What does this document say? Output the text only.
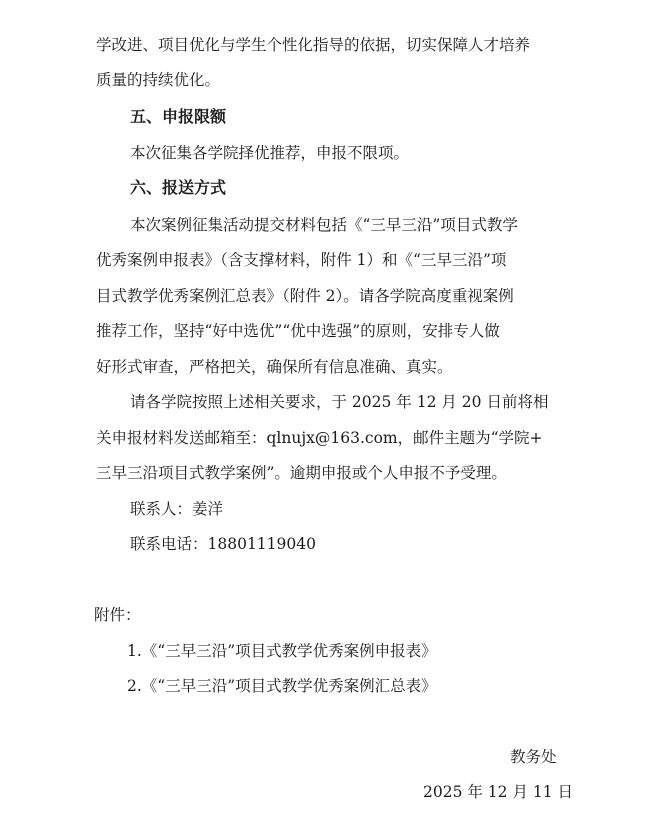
学改进、项目优化与学生个性化指导的依据，切实保障人才培养
质量的持续优化。
五、申报限额
本次征集各学院择优推荐，申报不限项。
六、报送方式
本次案例征集活动提交材料包括《“三早三沿”项目式教学
优秀案例申报表》（含支撑材料，附件 1）和《“三早三沿”项
目式教学优秀案例汇总表》（附件 2）。请各学院高度重视案例
推荐工作，坚持“好中选优”“优中选强”的原则，安排专人做
好形式审查，严格把关，确保所有信息准确、真实。
请各学院按照上述相关要求，于 2025 年 12 月 20 日前将相
关申报材料发送邮箱至：qlnujx@163.com，邮件主题为“学院+
三早三沿项目式教学案例”。逾期申报或个人申报不予受理。
联系人：姜洋
联系电话：18801119040
附件：
1.《“三早三沿”项目式教学优秀案例申报表》
2.《“三早三沿”项目式教学优秀案例汇总表》
教务处
2025 年 12 月 11 日
